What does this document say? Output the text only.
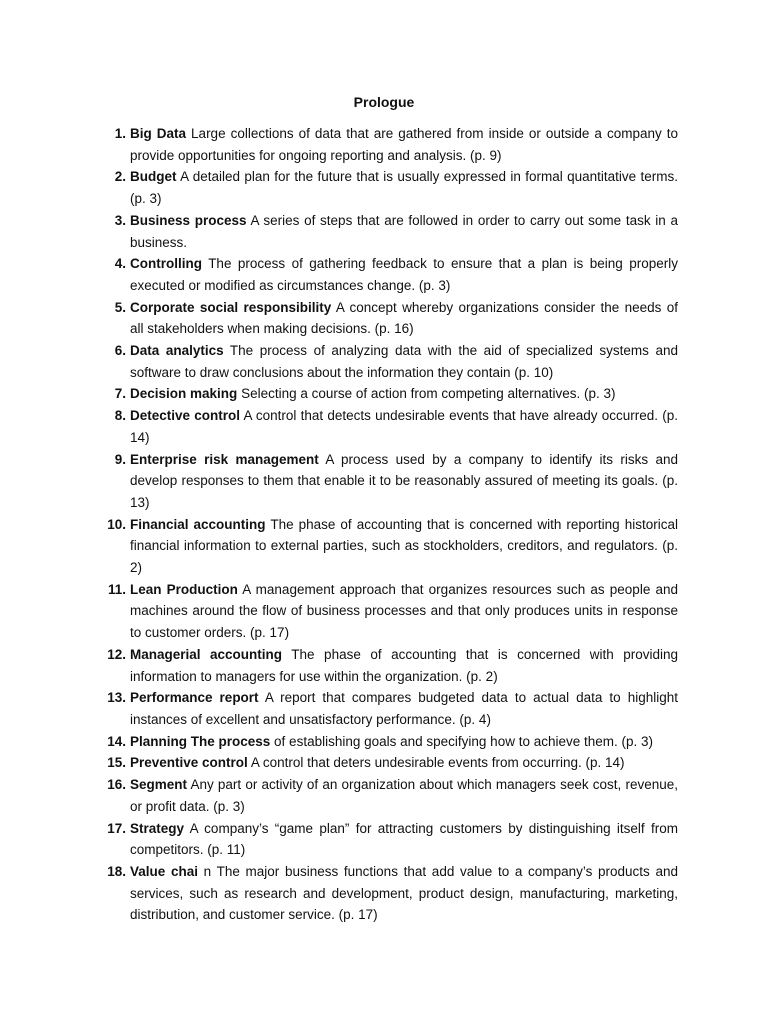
Prologue
1. Big Data Large collections of data that are gathered from inside or outside a company to provide opportunities for ongoing reporting and analysis. (p. 9)
2. Budget A detailed plan for the future that is usually expressed in formal quantitative terms. (p. 3)
3. Business process A series of steps that are followed in order to carry out some task in a business.
4. Controlling The process of gathering feedback to ensure that a plan is being properly executed or modified as circumstances change. (p. 3)
5. Corporate social responsibility A concept whereby organizations consider the needs of all stakeholders when making decisions. (p. 16)
6. Data analytics The process of analyzing data with the aid of specialized systems and software to draw conclusions about the information they contain (p. 10)
7. Decision making Selecting a course of action from competing alternatives. (p. 3)
8. Detective control A control that detects undesirable events that have already occurred. (p. 14)
9. Enterprise risk management A process used by a company to identify its risks and develop responses to them that enable it to be reasonably assured of meeting its goals. (p. 13)
10. Financial accounting The phase of accounting that is concerned with reporting historical financial information to external parties, such as stockholders, creditors, and regulators. (p. 2)
11. Lean Production A management approach that organizes resources such as people and machines around the flow of business processes and that only produces units in response to customer orders. (p. 17)
12. Managerial accounting The phase of accounting that is concerned with providing information to managers for use within the organization. (p. 2)
13. Performance report A report that compares budgeted data to actual data to highlight instances of excellent and unsatisfactory performance. (p. 4)
14. Planning The process of establishing goals and specifying how to achieve them. (p. 3)
15. Preventive control A control that deters undesirable events from occurring. (p. 14)
16. Segment Any part or activity of an organization about which managers seek cost, revenue, or profit data. (p. 3)
17. Strategy A company’s “game plan” for attracting customers by distinguishing itself from competitors. (p. 11)
18. Value chai n The major business functions that add value to a company’s products and services, such as research and development, product design, manufacturing, marketing, distribution, and customer service. (p. 17)
